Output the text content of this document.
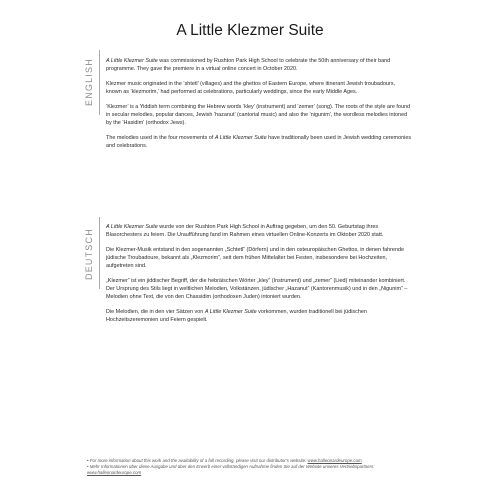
A Little Klezmer Suite
ENGLISH	A Little Klezmer Suite was commissioned by Rushton Park High School to celebrate the 50th anniversary of their band programme. They gave the premiere in a virtual online concert in October 2020.

Klezmer music originated in the ‘shtetl’ (villages) and the ghettos of Eastern Europe, where itinerant Jewish troubadours, known as ‘klezmorim,’ had performed at celebrations, particularly weddings, since the early Middle Ages.

‘Klezmer’ is a Yiddish term combining the Hebrew words ‘kley’ (instrument) and ‘zemer’ (song). The roots of the style are found in secular melodies, popular dances, Jewish ‘hazanut’ (cantorial music) and also the ‘nigunim’, the wordless melodies intoned by the ‘Hasidim’ (orthodox Jews).

The melodies used in the four movements of A Little Klezmer Suite have traditionally been used in Jewish wedding ceremonies and celebrations.

DEUTSCH

A Little Klezmer Suite wurde von der Rushton Park High School in Auftrag gegeben, um den 50. Geburtstag ihres Blasorchesters zu feiern. Die Uraufführung fand im Rahmen eines virtuellen Online-Konzerts im Oktober 2020 statt.

Die Klezmer-Musik entstand in den sogenannten „Schtetl“ (Dörfern) und in den osteuropäischen Ghettos, in denen fahrende jüdische Troubadoure, bekannt als „Klezmorim“, seit dem frühen Mittelalter bei Festen, insbesondere bei Hochzeiten, aufgetreten sind.

„Klezmer“ ist ein jiddischer Begriff, der die hebräischen Wörter „kley“ (Instrument) und „zemer“ (Lied) miteinander kombiniert. Der Ursprung des Stils liegt in weltlichen Melodien, Volkstänzen, jüdischer „Hazanut“ (Kantorenmusik) und in den „Nigunim“ – Melodien ohne Text, die von den Chassidim (orthodoxen Juden) intoniert wurden.

Die Melodien, die in den vier Sätzen von A Little Klezmer Suite vorkommen, wurden traditionell bei jüdischen Hochzeitszeremonien und Feiern gespielt.

• For more information about this work and the availability of a full recording, please visit our distributor’s website: www.halleonardeurope.com

• Mehr Informationen über diese Ausgabe und über den Erwerb einer vollständigen Aufnahme finden Sie auf der Website unseres Vertriebspartners: www.halleonardeurope.com
